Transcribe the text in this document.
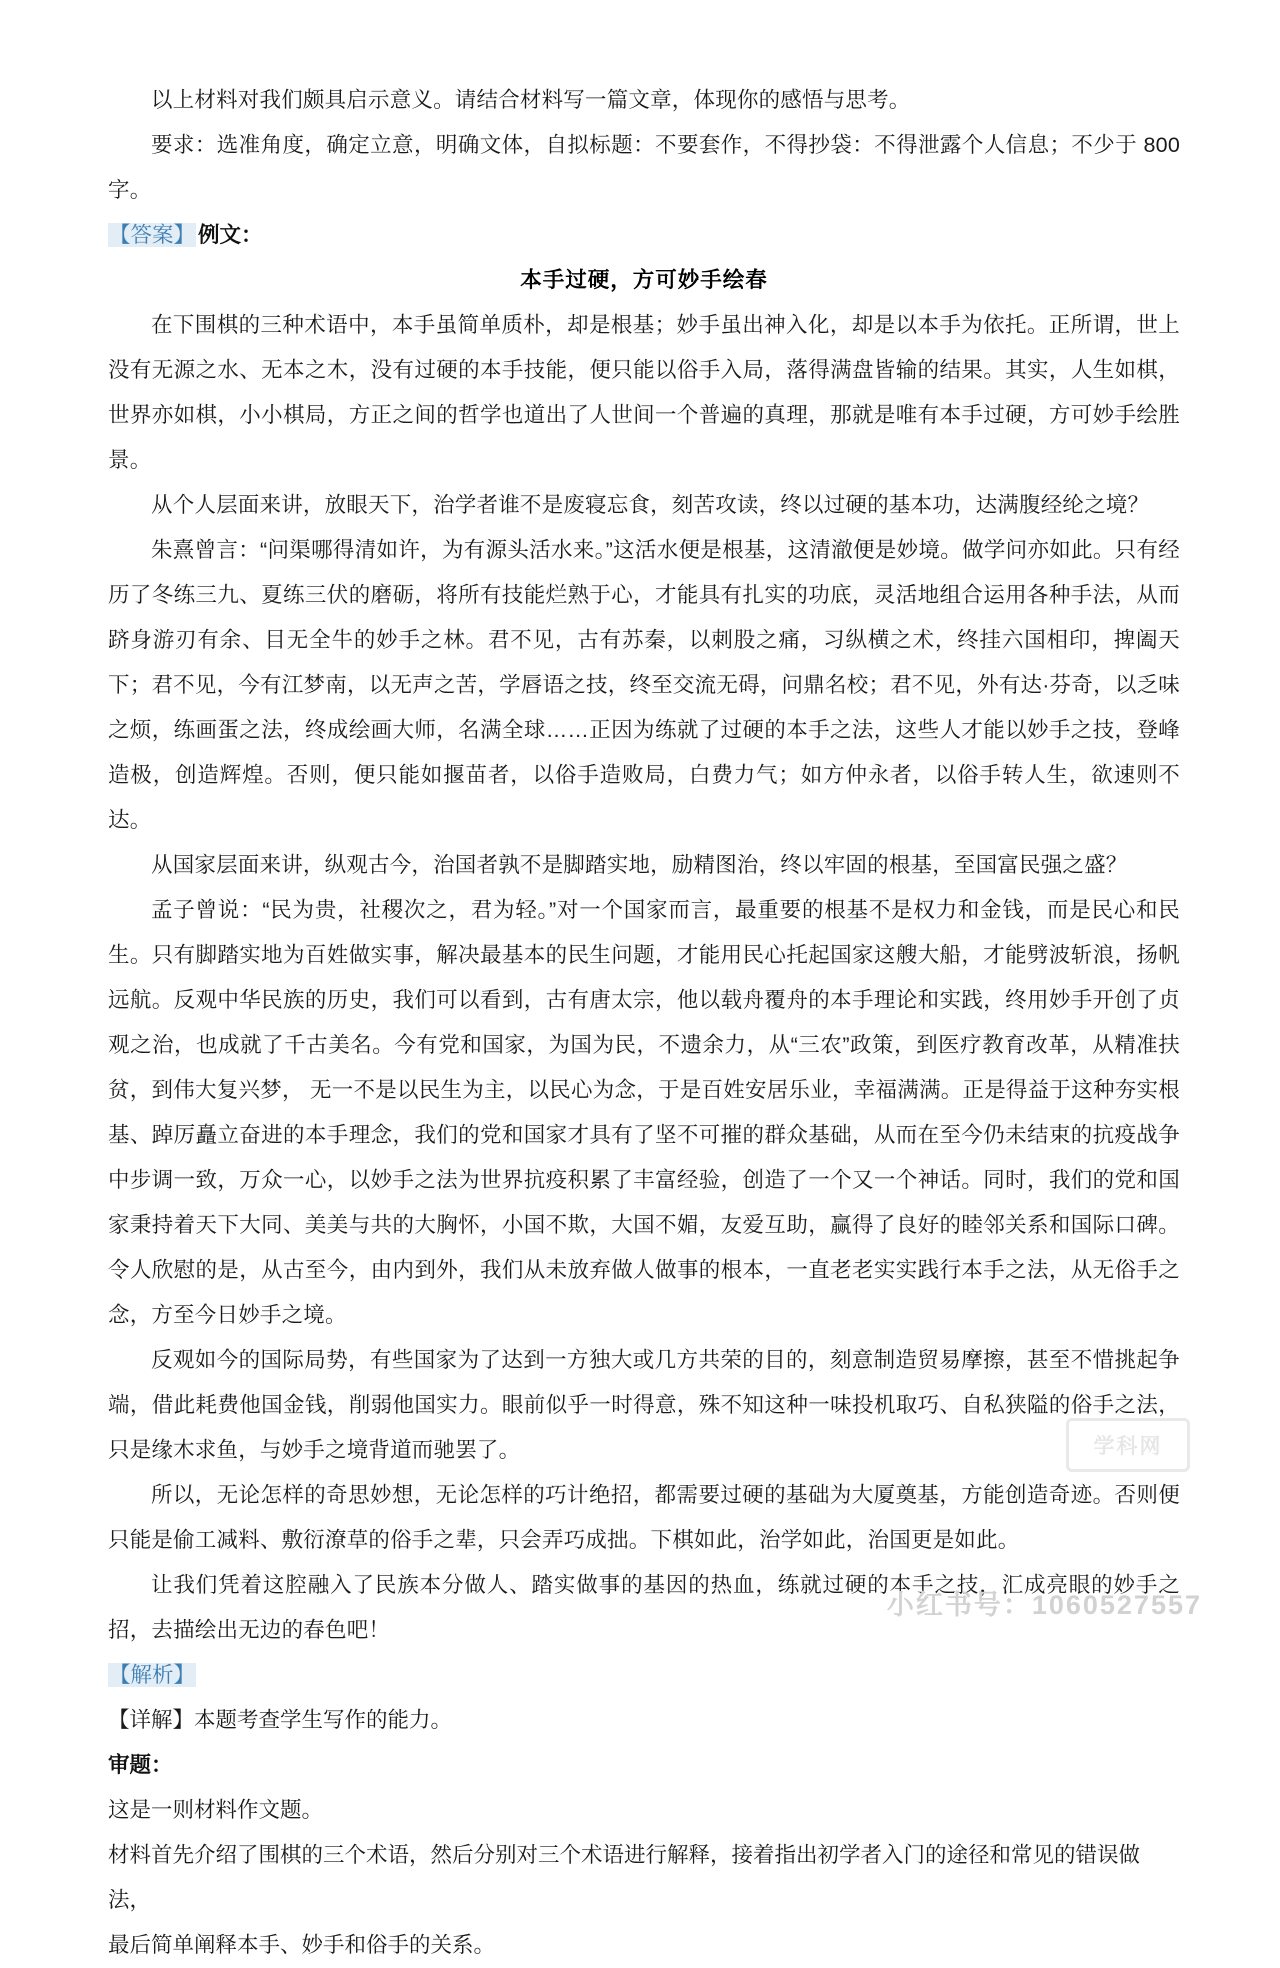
以上材料对我们颇具启示意义。请结合材料写一篇文章，体现你的感悟与思考。

要求：选准角度，确定立意，明确文体，自拟标题：不要套作，不得抄袋：不得泄露个人信息；不少于 800 字。

【答案】 例文：

本手过硬，方可妙手绘春

在下围棋的三种术语中，本手虽简单质朴，却是根基；妙手虽出神入化，却是以本手为依托。正所谓，世上没有无源之水、无本之木，没有过硬的本手技能，便只能以俗手入局，落得满盘皆输的结果。其实，人生如棋，世界亦如棋，小小棋局，方正之间的哲学也道出了人世间一个普遍的真理，那就是唯有本手过硬，方可妙手绘胜景。

从个人层面来讲，放眼天下，治学者谁不是废寝忘食，刻苦攻读，终以过硬的基本功，达满腹经纶之境？

朱熹曾言：“问渠哪得清如许，为有源头活水来。”这活水便是根基，这清澈便是妙境。做学问亦如此。只有经历了冬练三九、夏练三伏的磨砺，将所有技能烂熟于心，才能具有扎实的功底，灵活地组合运用各种手法，从而跻身游刃有余、目无全牛的妙手之林。君不见，古有苏秦，以刺股之痛，习纵横之术，终挂六国相印，捭阖天下；君不见，今有江梦南，以无声之苦，学唇语之技，终至交流无碍，问鼎名校；君不见，外有达·芬奇，以乏味之烦，练画蛋之法，终成绘画大师，名满全球……正因为练就了过硬的本手之法，这些人才能以妙手之技，登峰造极，创造辉煌。否则，便只能如揠苗者，以俗手造败局，白费力气；如方仲永者，以俗手转人生，欲速则不达。

从国家层面来讲，纵观古今，治国者孰不是脚踏实地，励精图治，终以牢固的根基，至国富民强之盛？

孟子曾说：“民为贵，社稷次之，君为轻。”对一个国家而言，最重要的根基不是权力和金钱，而是民心和民生。只有脚踏实地为百姓做实事，解决最基本的民生问题，才能用民心托起国家这艘大船，才能劈波斩浪，扬帆远航。反观中华民族的历史，我们可以看到，古有唐太宗，他以载舟覆舟的本手理论和实践，终用妙手开创了贞观之治，也成就了千古美名。今有党和国家，为国为民，不遗余力，从“三农”政策，到医疗教育改革，从精准扶贫，到伟大复兴梦， 无一不是以民生为主，以民心为念，于是百姓安居乐业，幸福满满。正是得益于这种夯实根基、踔厉矗立奋进的本手理念，我们的党和国家才具有了坚不可摧的群众基础，从而在至今仍未结束的抗疫战争中步调一致，万众一心，以妙手之法为世界抗疫积累了丰富经验，创造了一个又一个神话。同时，我们的党和国家秉持着天下大同、美美与共的大胸怀，小国不欺，大国不媚，友爱互助，赢得了良好的睦邻关系和国际口碑。令人欣慰的是，从古至今，由内到外，我们从未放弃做人做事的根本，一直老老实实践行本手之法，从无俗手之念，方至今日妙手之境。

反观如今的国际局势，有些国家为了达到一方独大或几方共荣的目的，刻意制造贸易摩擦，甚至不惜挑起争端，借此耗费他国金钱，削弱他国实力。眼前似乎一时得意，殊不知这种一味投机取巧、自私狭隘的俗手之法，只是缘木求鱼，与妙手之境背道而驰罢了。

所以，无论怎样的奇思妙想，无论怎样的巧计绝招，都需要过硬的基础为大厦奠基，方能创造奇迹。否则便只能是偷工减料、敷衍潦草的俗手之辈，只会弄巧成拙。下棋如此，治学如此，治国更是如此。

让我们凭着这腔融入了民族本分做人、踏实做事的基因的热血，练就过硬的本手之技，汇成亮眼的妙手之招，去描绘出无边的春色吧！

【解析】

【详解】本题考查学生写作的能力。

审题：

这是一则材料作文题。

材料首先介绍了围棋的三个术语，然后分别对三个术语进行解释，接着指出初学者入门的途径和常见的错误做法，

最后简单阐释本手、妙手和俗手的关系。

学科网
小红书号：1060527557
